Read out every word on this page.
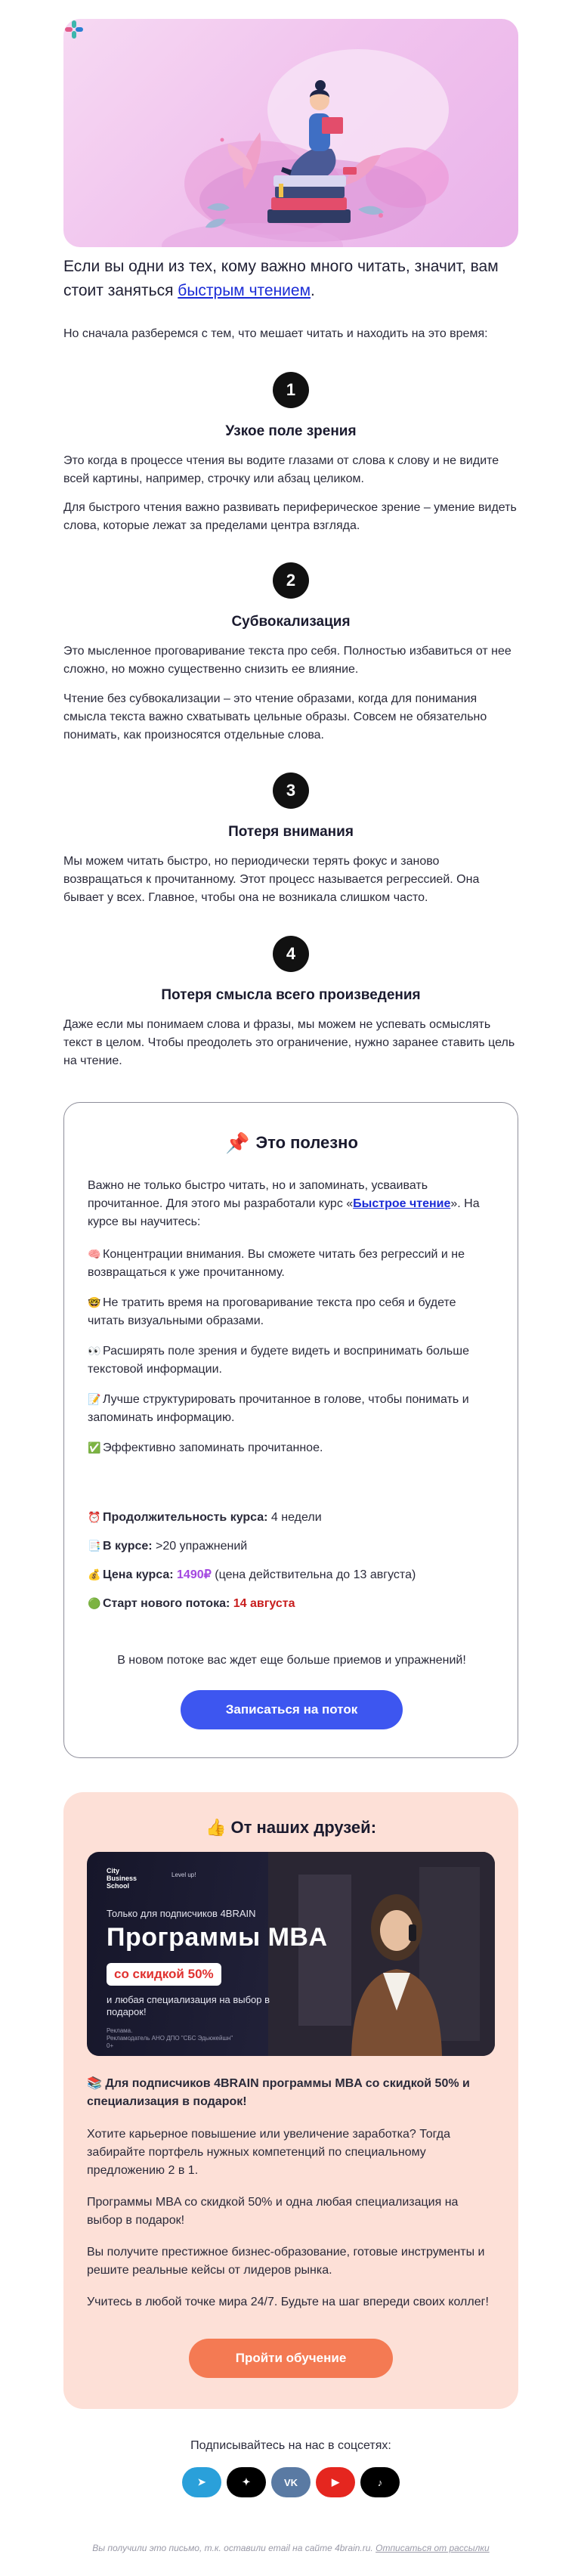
Если вы одни из тех, кому важно много читать, значит, вам стоит заняться быстрым чтением.

Но сначала разберемся с тем, что мешает читать и находить на это время:

1
Узкое поле зрения

Это когда в процессе чтения вы водите глазами от слова к слову и не видите всей картины, например, строчку или абзац целиком.

Для быстрого чтения важно развивать периферическое зрение – умение видеть слова, которые лежат за пределами центра взгляда.

2
Субвокализация

Это мысленное проговаривание текста про себя. Полностью избавиться от нее сложно, но можно существенно снизить ее влияние.

Чтение без субвокализации – это чтение образами, когда для понимания смысла текста важно схватывать цельные образы. Совсем не обязательно понимать, как произносятся отдельные слова.

3
Потеря внимания

Мы можем читать быстро, но периодически терять фокус и заново возвращаться к прочитанному. Этот процесс называется регрессией. Она бывает у всех. Главное, чтобы она не возникала слишком часто.

4
Потеря смысла всего произведения

Даже если мы понимаем слова и фразы, мы можем не успевать осмыслять текст в целом. Чтобы преодолеть это ограничение, нужно заранее ставить цель на чтение.

📌 Это полезно

Важно не только быстро читать, но и запоминать, усваивать прочитанное. Для этого мы разработали курс «Быстрое чтение». На курсе вы научитесь:

🧠 Концентрации внимания. Вы сможете читать без регрессий и не возвращаться к уже прочитанному.

🤓 Не тратить время на проговаривание текста про себя и будете читать визуальными образами.

👀 Расширять поле зрения и будете видеть и воспринимать больше текстовой информации.

📝 Лучше структурировать прочитанное в голове, чтобы понимать и запоминать информацию.

✅ Эффективно запоминать прочитанное.

⏰ Продолжительность курса: 4 недели

📑 В курсе: >20 упражнений

💰 Цена курса: 1490₽ (цена действительна до 13 августа)

🟢 Старт нового потока: 14 августа

В новом потоке вас ждет еще больше приемов и упражнений!

Записаться на поток
👍 От наших друзей:
City
Business
School
Level up!
Только для подписчиков 4BRAIN
Программы MBA
со скидкой 50%
и любая специализация на выбор в подарок!
Реклама.
Рекламодатель АНО ДПО "СБС Эдьюкейшн"
0+

📚 Для подписчиков 4BRAIN программы MBA со скидкой 50% и специализация в подарок!

Хотите карьерное повышение или увеличение заработка? Тогда забирайте портфель нужных компетенций по специальному предложению 2 в 1.

Программы MBA со скидкой 50% и одна любая специализация на выбор в подарок!

Вы получите престижное бизнес-образование, готовые инструменты и решите реальные кейсы от лидеров рынка.

Учитесь в любой точке мира 24/7. Будьте на шаг впереди своих коллег!

Пройти обучение

Подписывайтесь на нас в соцсетях:

➤	✦	VK	▶	♪

Вы получили это письмо, т.к. оставили email на сайте 4brain.ru. Отписаться от рассылки
